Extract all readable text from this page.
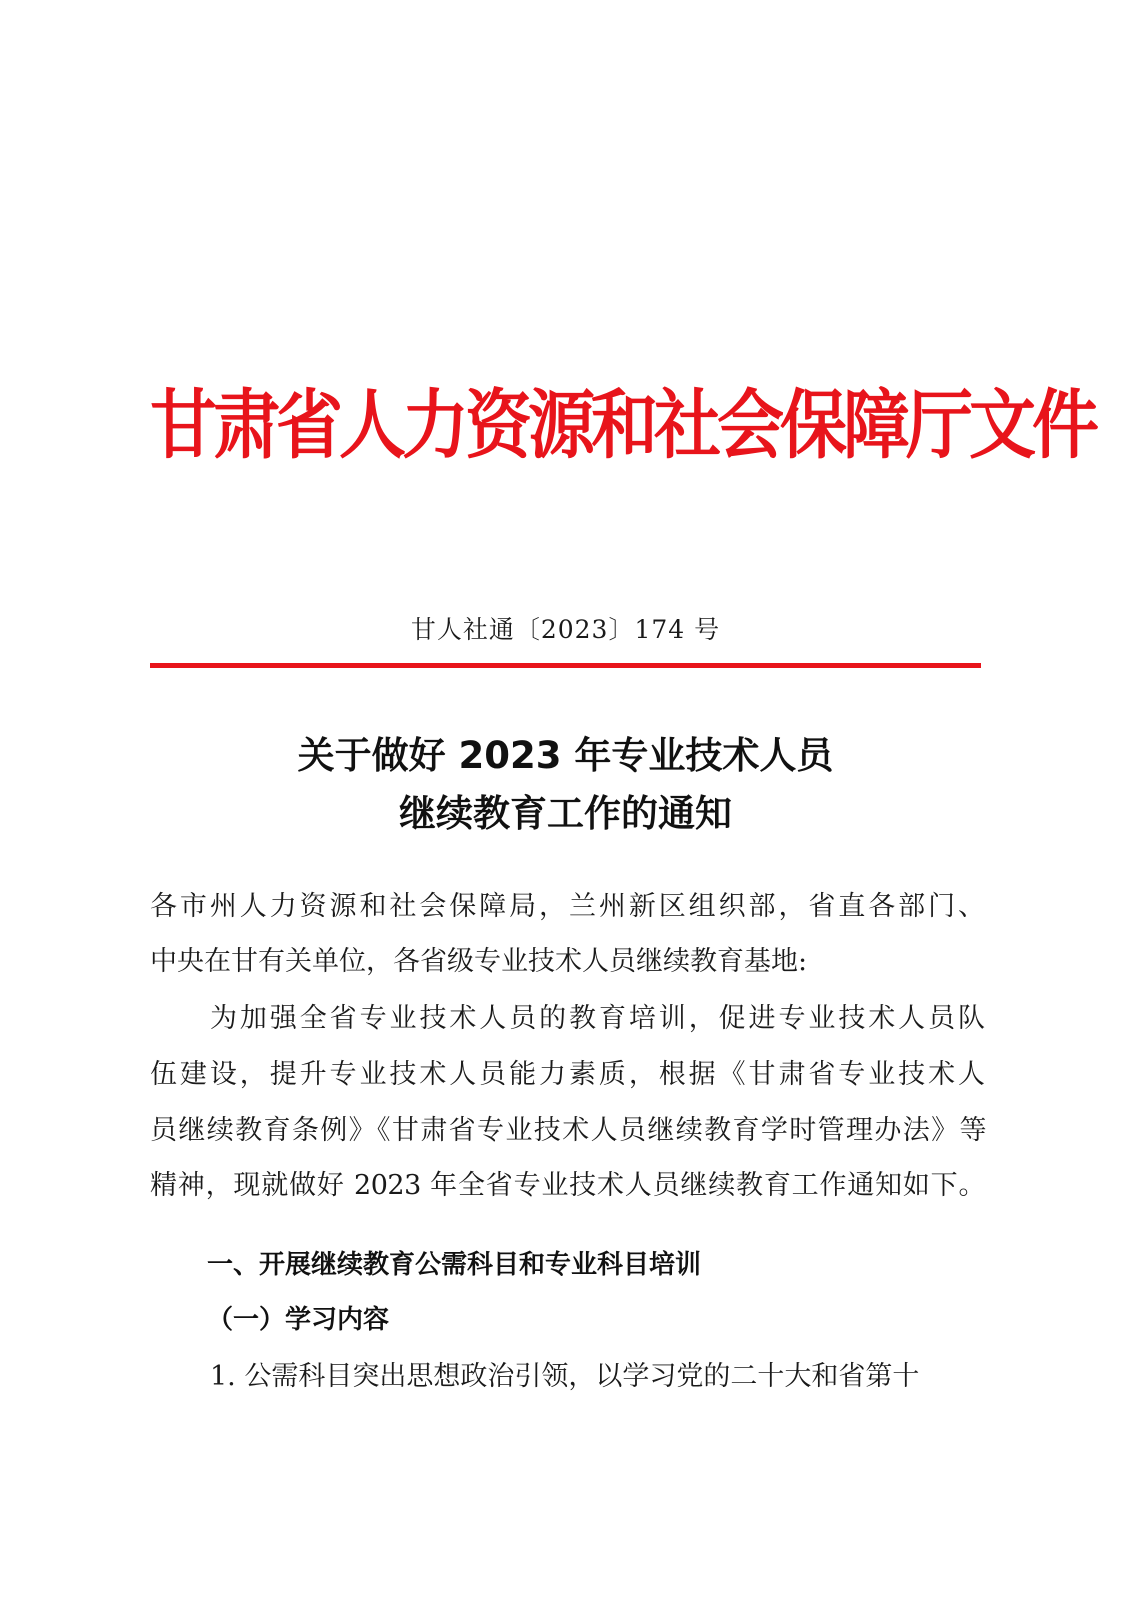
甘肃省人力资源和社会保障厅文件
甘人社通〔2023〕174 号
关于做好 2023 年专业技术人员
继续教育工作的通知
各市州人力资源和社会保障局，兰州新区组织部，省直各部门、
中央在甘有关单位，各省级专业技术人员继续教育基地:
为加强全省专业技术人员的教育培训，促进专业技术人员队
伍建设，提升专业技术人员能力素质，根据《甘肃省专业技术人
员继续教育条例》《甘肃省专业技术人员继续教育学时管理办法》等
精神，现就做好 2023 年全省专业技术人员继续教育工作通知如下。
一、开展继续教育公需科目和专业科目培训
（一）学习内容
1. 公需科目突出思想政治引领，以学习党的二十大和省第十
